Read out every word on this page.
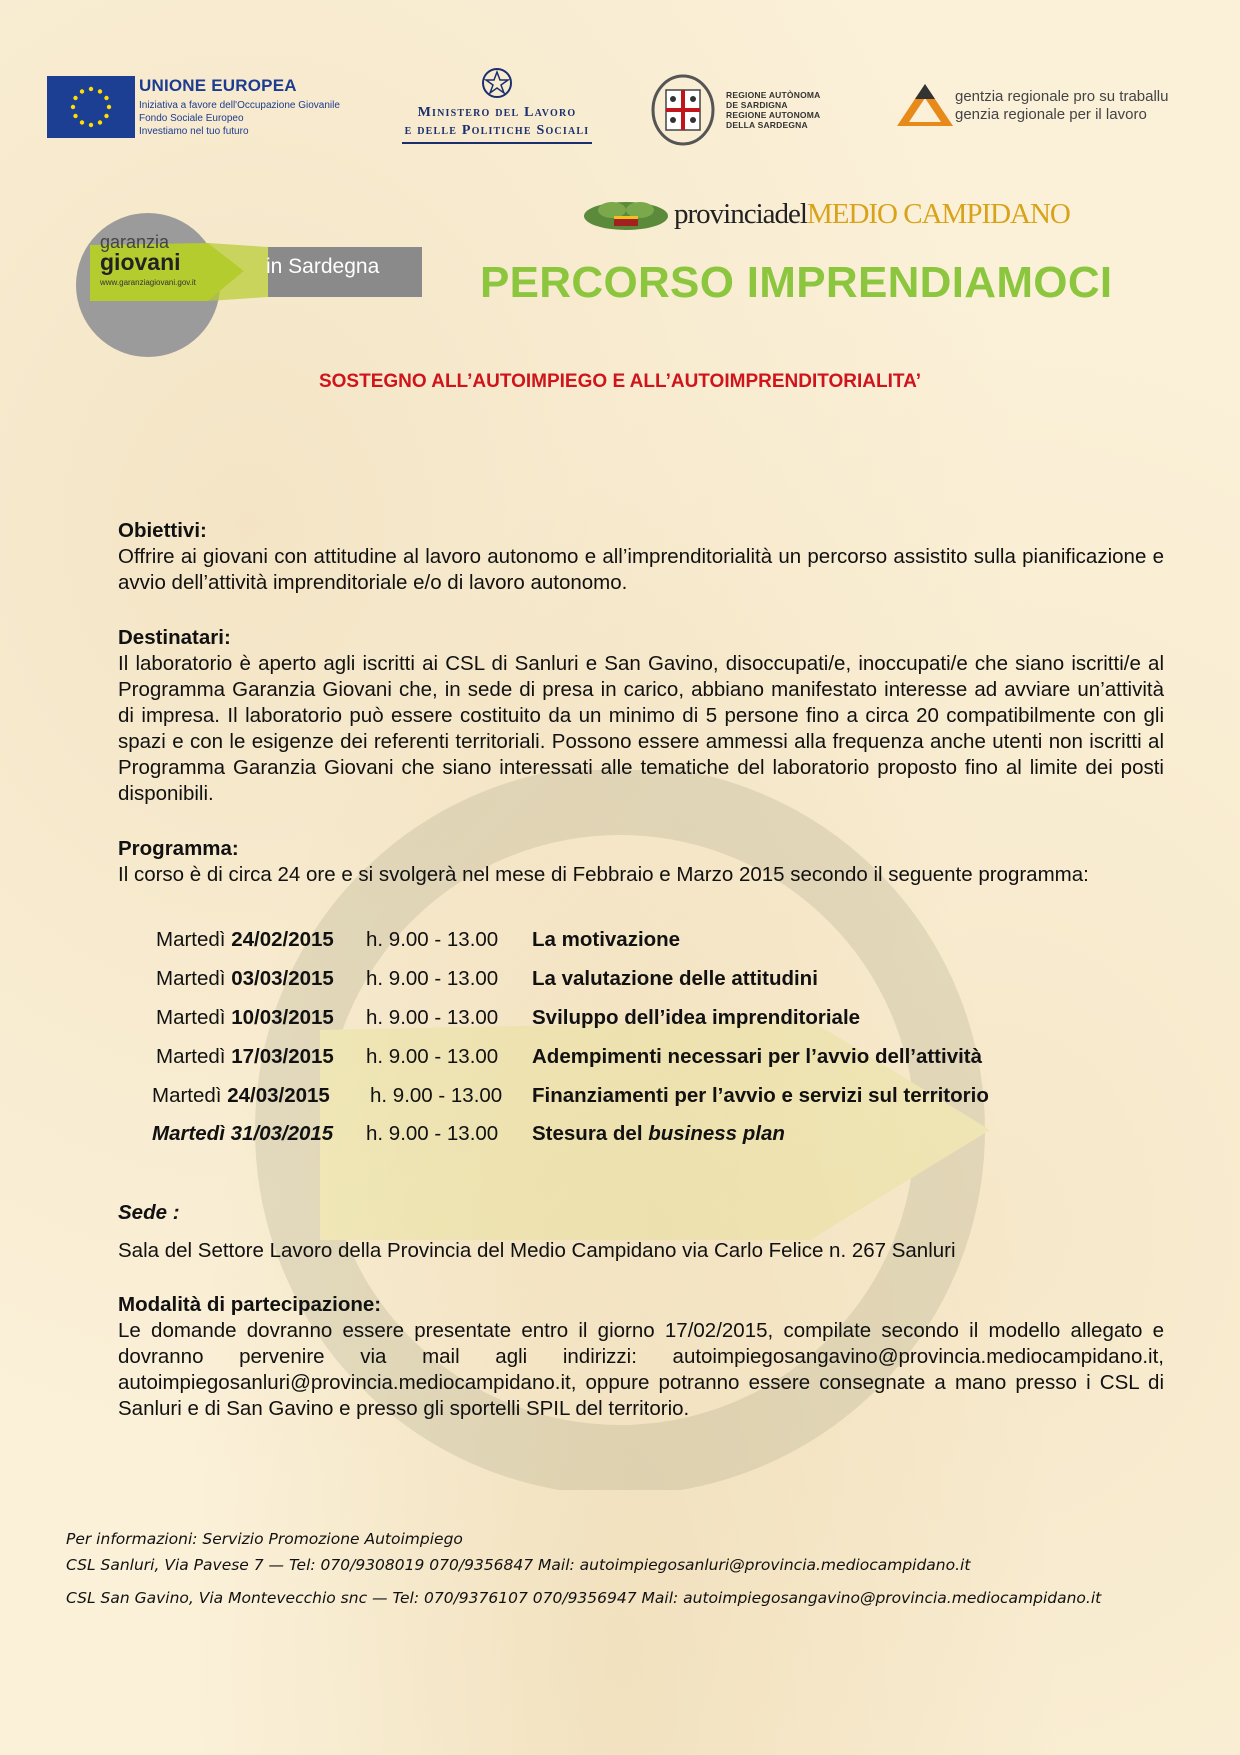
UNIONE EUROPEA
Iniziativa a favore dell'Occupazione Giovanile
Fondo Sociale Europeo
Investiamo nel tuo futuro
Ministero del Lavoro
e delle Politiche Sociali
REGIONE AUTÒNOMA
DE SARDIGNA
REGIONE AUTONOMA
DELLA SARDEGNA
gentzia regionale pro su traballu
genzia regionale per il lavoro
provinciadelMEDIO CAMPIDANO
garanzia
giovani
www.garanziagiovani.gov.it
in Sardegna PERCORSO IMPRENDIAMOCI
SOSTEGNO ALL’AUTOIMPIEGO E ALL’AUTOIMPRENDITORIALITA’
Obiettivi:
Offrire ai giovani con attitudine al lavoro autonomo e all’imprenditorialità un percorso assistito sulla pianificazione e avvio dell’attività imprenditoriale e/o di lavoro autonomo.
Destinatari:
Il laboratorio è aperto agli iscritti ai CSL di Sanluri e San Gavino, disoccupati/e, inoccupati/e che siano iscritti/e al Programma Garanzia Giovani che, in sede di presa in carico, abbiano manifestato interesse ad avviare un’attività di impresa. Il laboratorio può essere costituito da un minimo di 5 persone fino a circa 20 compatibilmente con gli spazi e con le esigenze dei referenti territoriali. Possono essere ammessi alla frequenza anche utenti non iscritti al Programma Garanzia Giovani che siano interessati alle tematiche del laboratorio proposto fino al limite dei posti disponibili.
Programma:
Il corso è di circa 24 ore e si svolgerà nel mese di Febbraio e Marzo 2015 secondo il seguente programma:
Martedì 24/02/2015 h. 9.00 - 13.00 La motivazione
Martedì 03/03/2015 h. 9.00 - 13.00 La valutazione delle attitudini
Martedì 10/03/2015 h. 9.00 - 13.00 Sviluppo dell’idea imprenditoriale
Martedì 17/03/2015 h. 9.00 - 13.00 Adempimenti necessari per l’avvio dell’attività
Martedì 24/03/2015 h. 9.00 - 13.00 Finanziamenti per l’avvio e servizi sul territorio
Martedì 31/03/2015 h. 9.00 - 13.00 Stesura del business plan
Sede :
Sala del Settore Lavoro della Provincia del Medio Campidano via Carlo Felice n. 267 Sanluri
Modalità di partecipazione:
Le domande dovranno essere presentate entro il giorno 17/02/2015, compilate secondo il modello allegato e dovranno pervenire via mail agli indirizzi: autoimpiegosangavino@provincia.mediocampidano.it, autoimpiegosanluri@provincia.mediocampidano.it, oppure potranno essere consegnate a mano presso i CSL di Sanluri e di San Gavino e presso gli sportelli SPIL del territorio.
Per informazioni: Servizio Promozione Autoimpiego
CSL Sanluri, Via Pavese 7 — Tel: 070/9308019 070/9356847 Mail: autoimpiegosanluri@provincia.mediocampidano.it
CSL San Gavino, Via Montevecchio snc — Tel: 070/9376107 070/9356947 Mail: autoimpiegosangavino@provincia.mediocampidano.it
